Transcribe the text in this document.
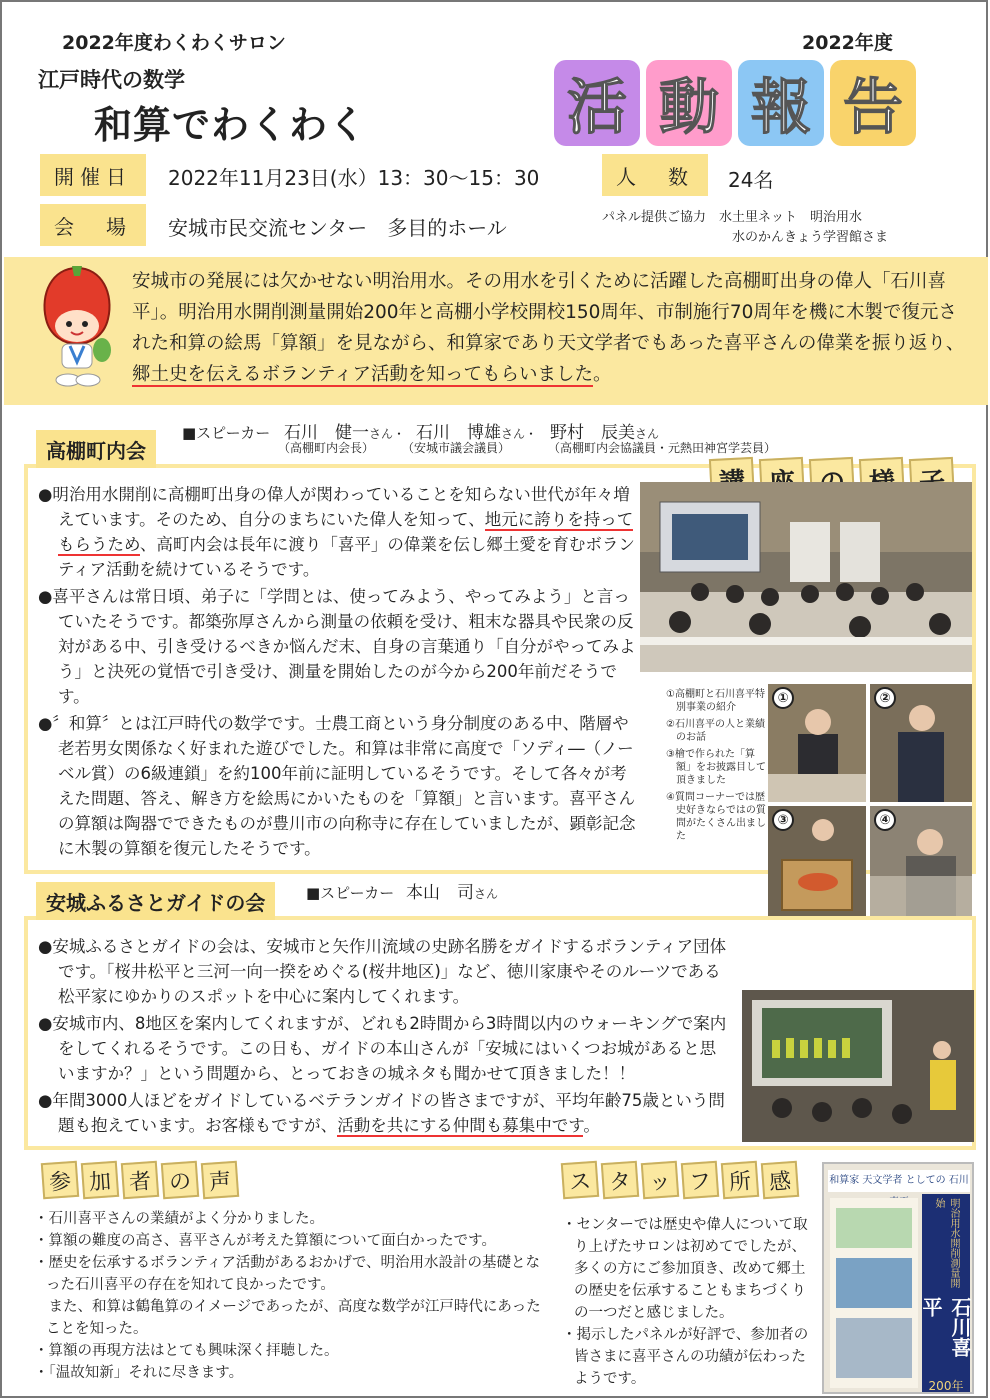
2022年度わくわくサロン
江戸時代の数学
和算でわくわく
2022年度
活 動 報 告
開催日	2022年11月23日(水）13：30〜15：30	人　数	24名
会　場	安城市民交流センター　多目的ホール	パネル提供ご協力　水土里ネット　明治用水
水のかんきょう学習館さま
安城市の発展には欠かせない明治用水。その用水を引くために活躍した高棚町出身の偉人「石川喜平」。明治用水開削測量開始200年と高棚小学校開校150周年、市制施行70周年を機に木製で復元された和算の絵馬「算額」を見ながら、和算家であり天文学者でもあった喜平さんの偉業を振り返り、郷土史を伝えるボランティア活動を知ってもらいました。
高棚町内会
■スピーカー 石川　健一さん・
（高棚町内会長）
石川　博雄さん・
（安城市議会議員）
野村　辰美さん
（高棚町内会協議員・元熱田神宮学芸員）

●明治用水開削に高棚町出身の偉人が関わっていることを知らない世代が年々増えています。そのため、自分のまちにいた偉人を知って、地元に誇りを持ってもらうため、高町内会は長年に渡り「喜平」の偉業を伝し郷土愛を育むボランティア活動を続けているそうです。

●喜平さんは常日頃、弟子に「学問とは、使ってみよう、やってみよう」と言っていたそうです。都築弥厚さんから測量の依頼を受け、粗末な器具や民衆の反対がある中、引き受けるべきか悩んだ末、自身の言葉通り「自分がやってみよう」と決死の覚悟で引き受け、測量を開始したのが今から200年前だそうです。

●〞和算〞とは江戸時代の数学です。士農工商という身分制度のある中、階層や老若男女関係なく好まれた遊びでした。和算は非常に高度で「ソディ―（ノーベル賞）の6級連鎖」を約100年前に証明しているそうです。そして各々が考えた問題、答え、解き方を絵馬にかいたものを「算額」と言います。喜平さんの算額は陶器でできたものが豊川市の向称寺に存在していましたが、顕彰記念に木製の算額を復元したそうです。

①高棚町と石川喜平特別事業の紹介

②石川喜平の人と業績のお話

③檜で作られた「算額」をお披露目して頂きました

④質問コーナーでは歴史好きならではの質問がたくさん出ました

①	②
③	④
安城ふるさとガイドの会	■スピーカー 本山　司さん

●安城ふるさとガイドの会は、安城市と矢作川流域の史跡名勝をガイドするボランティア団体です。「桜井松平と三河一向一揆をめぐる(桜井地区)」など、徳川家康やそのルーツである松平家にゆかりのスポットを中心に案内してくれます。

●安城市内、8地区を案内してくれますが、どれも2時間から3時間以内のウォーキングで案内をしてくれるそうです。この日も、ガイドの本山さんが「安城にはいくつお城があると思いますか？」という問題から、とっておきの城ネタも聞かせて頂きました！！

●年間3000人ほどをガイドしているベテランガイドの皆さまですが、平均年齢75歳という問題も抱えています。お客様もですが、活動を共にする仲間も募集中です。

参 加 者 の 声

・石川喜平さんの業績がよく分かりました。

・算額の難度の高さ、喜平さんが考えた算額について面白かったです。

・歴史を伝承するボランティア活動があるおかげで、明治用水設計の基礎となった石川喜平の存在を知れて良かったです。

　また、和算は鶴亀算のイメージであったが、高度な数学が江戸時代にあったことを知った。

・算額の再現方法はとても興味深く拝聴した。

・「温故知新」それに尽きます。

ス タ ッ フ 所 感

・センターでは歴史や偉人について取り上げたサロンは初めてでしたが、多くの方にご参加頂き、改めて郷土の歴史を伝承することもまちづくりの一つだと感じました。

・掲示したパネルが好評で、参加者の皆さまに喜平さんの功績が伝わったようです。

和算家 天文学者 としての 石川
明治用水開削測量開始
石川喜平
200年
